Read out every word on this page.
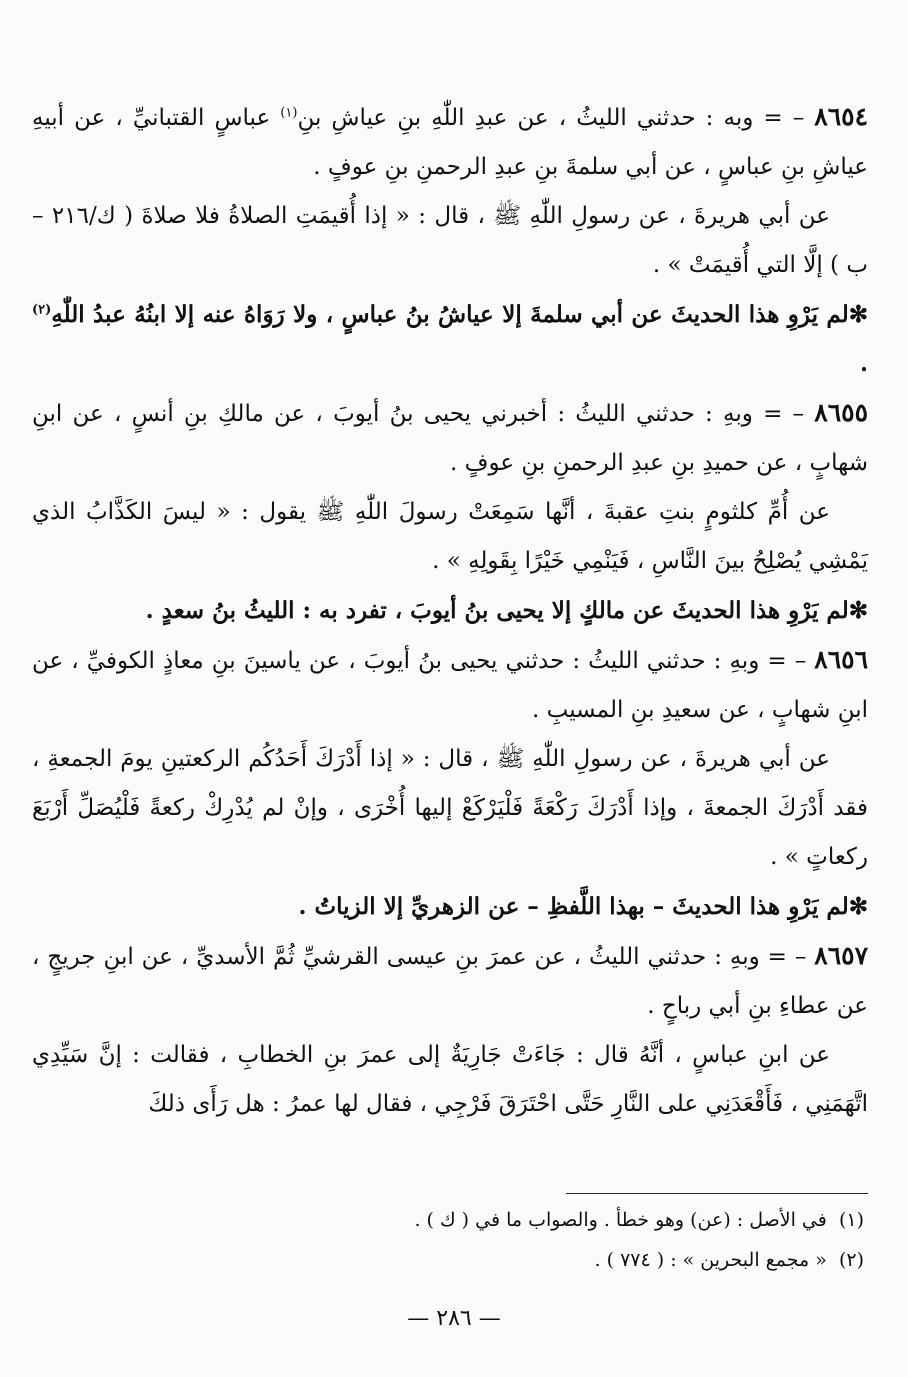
٨٦٥٤ – = وبه : حدثني الليثُ ، عن عبدِ اللّٰهِ بنِ عياشِ بنِ$^{(١)}$ عباسٍ القتبانيِّ ، عن أبيهِ عياشِ بنِ عباسٍ ، عن أبي سلمةَ بنِ عبدِ الرحمنِ بنِ عوفٍ .

عن أبي هريرةَ ، عن رسولِ اللّٰهِ ﷺ ، قال : « إذا أُقيمَتِ الصلاةُ فلا صلاةَ ( ك/٢١٦ – ب ) إلَّا التي أُقيمَتْ » .

✻لم يَرْوِ هذا الحديثَ عن أبي سلمةَ إلا عياشُ بنُ عباسٍ ، ولا رَوَاهُ عنه إلا ابنُهُ عبدُ اللّٰهِ$^{(٢)}$ .

٨٦٥٥ – = وبهِ : حدثني الليثُ : أخبرني يحيى بنُ أيوبَ ، عن مالكِ بنِ أنسٍ ، عن ابنِ شهابٍ ، عن حميدِ بنِ عبدِ الرحمنِ بنِ عوفٍ .

عن أُمِّ كلثومٍ بنتِ عقبةَ ، أنَّها سَمِعَتْ رسولَ اللّٰهِ ﷺ يقول : « ليسَ الكَذَّابُ الذي يَمْشِي يُصْلِحُ بينَ النَّاسِ ، فَيَنْمِي خَيْرًا بِقَولِهِ » .

✻لم يَرْوِ هذا الحديثَ عن مالكٍ إلا يحيى بنُ أيوبَ ، تفرد به : الليثُ بنُ سعدٍ .

٨٦٥٦ – = وبهِ : حدثني الليثُ : حدثني يحيى بنُ أيوبَ ، عن ياسينَ بنِ معاذٍ الكوفيِّ ، عن ابنِ شهابٍ ، عن سعيدِ بنِ المسيبِ .

عن أبي هريرةَ ، عن رسولِ اللّٰهِ ﷺ ، قال : « إذا أَدْرَكَ أَحَدُكُم الركعتينِ يومَ الجمعةِ ، فقد أَدْرَكَ الجمعةَ ، وإذا أَدْرَكَ رَكْعَةً فَلْيَرْكَعْ إليها أُخْرَى ، وإنْ لم يُدْرِكْ ركعةً فَلْيُصَلِّ أَرْبَعَ ركعاتٍ » .

✻لم يَرْوِ هذا الحديثَ – بهذا اللَّفظِ – عن الزهريِّ إلا الزياتُ .

٨٦٥٧ – = وبهِ : حدثني الليثُ ، عن عمرَ بنِ عيسى القرشيِّ ثُمَّ الأسديِّ ، عن ابنِ جريجٍ ، عن عطاءِ بنِ أبي رباحٍ .

عن ابنِ عباسٍ ، أنَّهُ قال : جَاءَتْ جَارِيَةٌ إلى عمرَ بنِ الخطابِ ، فقالت : إنَّ سَيِّدِي اتَّهَمَنِي ، فَأَقْعَدَنِي على النَّارِ حَتَّى احْتَرَقَ فَرْجِي ، فقال لها عمرُ : هل رَأَى ذلكَ

(١)  في الأصل : (عن) وهو خطأ . والصواب ما في ( ك ) .

(٢)  « مجمع البحرين » : ( ٧٧٤ ) .

— ٢٨٦ —
